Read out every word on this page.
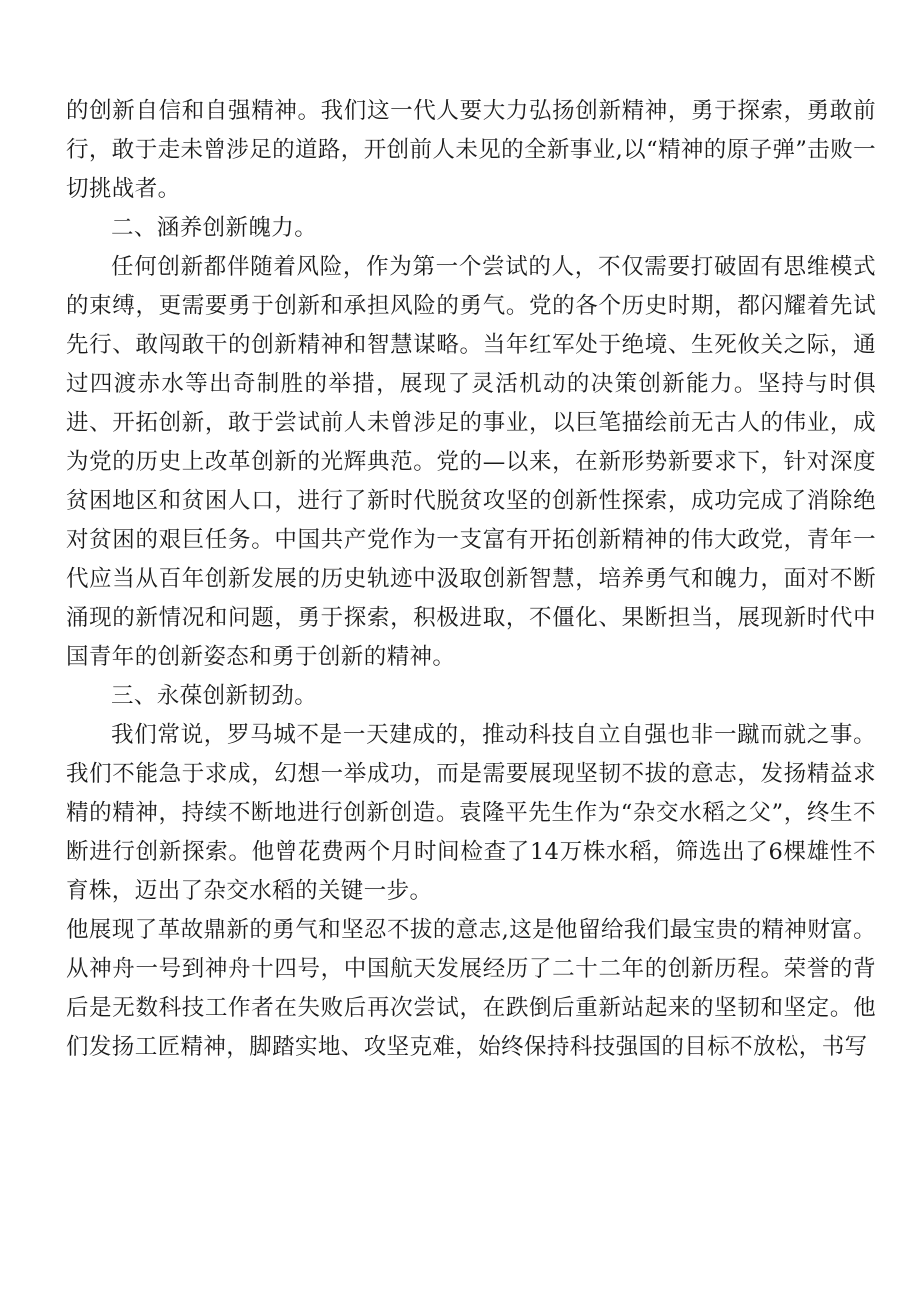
的创新自信和自强精神。我们这一代人要大力弘扬创新精神，勇于探索，勇敢前行，敢于走未曾涉足的道路，开创前人未见的全新事业,以“精神的原子弹”击败一切挑战者。

二、涵养创新魄力。

任何创新都伴随着风险，作为第一个尝试的人，不仅需要打破固有思维模式的束缚，更需要勇于创新和承担风险的勇气。党的各个历史时期，都闪耀着先试先行、敢闯敢干的创新精神和智慧谋略。当年红军处于绝境、生死攸关之际，通过四渡赤水等出奇制胜的举措，展现了灵活机动的决策创新能力。坚持与时俱进、开拓创新，敢于尝试前人未曾涉足的事业，以巨笔描绘前无古人的伟业，成为党的历史上改革创新的光辉典范。党的—以来，在新形势新要求下，针对深度贫困地区和贫困人口，进行了新时代脱贫攻坚的创新性探索，成功完成了消除绝对贫困的艰巨任务。中国共产党作为一支富有开拓创新精神的伟大政党，青年一代应当从百年创新发展的历史轨迹中汲取创新智慧，培养勇气和魄力，面对不断涌现的新情况和问题，勇于探索，积极进取，不僵化、果断担当，展现新时代中国青年的创新姿态和勇于创新的精神。

三、永葆创新韧劲。

我们常说，罗马城不是一天建成的，推动科技自立自强也非一蹴而就之事。我们不能急于求成，幻想一举成功，而是需要展现坚韧不拔的意志，发扬精益求精的精神，持续不断地进行创新创造。袁隆平先生作为“杂交水稻之父”，终生不断进行创新探索。他曾花费两个月时间检查了14万株水稻，筛选出了6棵雄性不育株，迈出了杂交水稻的关键一步。

他展现了革故鼎新的勇气和坚忍不拔的意志,这是他留给我们最宝贵的精神财富。从神舟一号到神舟十四号，中国航天发展经历了二十二年的创新历程。荣誉的背后是无数科技工作者在失败后再次尝试，在跌倒后重新站起来的坚韧和坚定。他们发扬工匠精神，脚踏实地、攻坚克难，始终保持科技强国的目标不放松，书写
